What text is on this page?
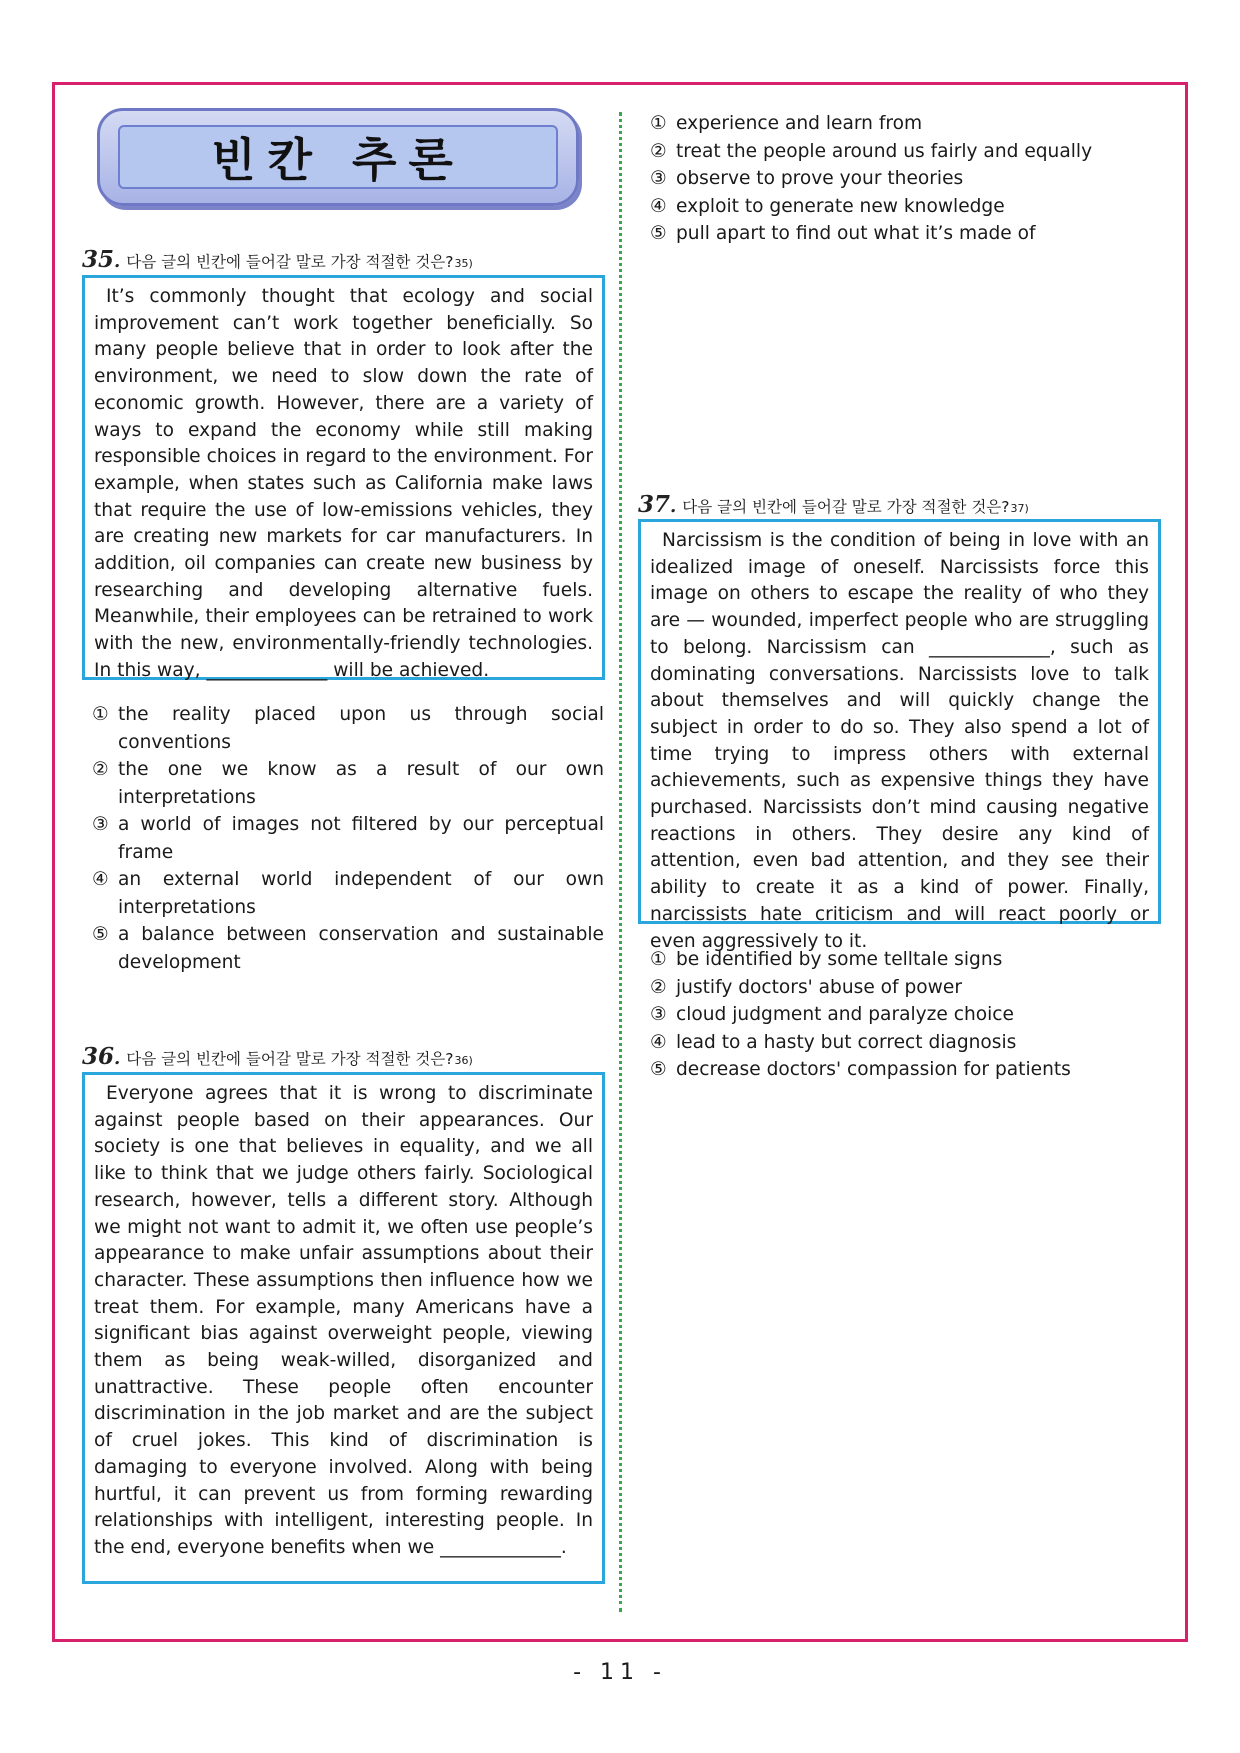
빈칸 추론
35. 다음 글의 빈칸에 들어갈 말로 가장 적절한 것은? 35)

It’s commonly thought that ecology and social improvement can’t work together beneficially. So many people believe that in order to look after the environment, we need to slow down the rate of economic growth. However, there are a variety of ways to expand the economy while still making responsible choices in regard to the environment. For example, when states such as California make laws that require the use of low-emissions vehicles, they are creating new markets for car manufacturers. In addition, oil companies can create new business by researching and developing alternative fuels. Meanwhile, their employees can be retrained to work with the new, environmentally-friendly technologies. In this way, _____________ will be achieved.

① the reality placed upon us through social conventions
② the one we know as a result of our own interpretations
③ a world of images not filtered by our perceptual frame
④ an external world independent of our own interpretations
⑤ a balance between conservation and sustainable development
36. 다음 글의 빈칸에 들어갈 말로 가장 적절한 것은? 36)

Everyone agrees that it is wrong to discriminate against people based on their appearances. Our society is one that believes in equality, and we all like to think that we judge others fairly. Sociological research, however, tells a different story. Although we might not want to admit it, we often use people’s appearance to make unfair assumptions about their character. These assumptions then influence how we treat them. For example, many Americans have a significant bias against overweight people, viewing them as being weak-willed, disorganized and unattractive. These people often encounter discrimination in the job market and are the subject of cruel jokes. This kind of discrimination is damaging to everyone involved. Along with being hurtful, it can prevent us from forming rewarding relationships with intelligent, interesting people. In the end, everyone benefits when we _____________.

① experience and learn from
② treat the people around us fairly and equally
③ observe to prove your theories
④ exploit to generate new knowledge
⑤ pull apart to find out what it’s made of
37. 다음 글의 빈칸에 들어갈 말로 가장 적절한 것은? 37)

Narcissism is the condition of being in love with an idealized image of oneself. Narcissists force this image on others to escape the reality of who they are — wounded, imperfect people who are struggling to belong. Narcissism can _____________, such as dominating conversations. Narcissists love to talk about themselves and will quickly change the subject in order to do so. They also spend a lot of time trying to impress others with external achievements, such as expensive things they have purchased. Narcissists don’t mind causing negative reactions in others. They desire any kind of attention, even bad attention, and they see their ability to create it as a kind of power. Finally, narcissists hate criticism and will react poorly or even aggressively to it.

① be identified by some telltale signs
② justify doctors' abuse of power
③ cloud judgment and paralyze choice
④ lead to a hasty but correct diagnosis
⑤ decrease doctors' compassion for patients
- 11 -
